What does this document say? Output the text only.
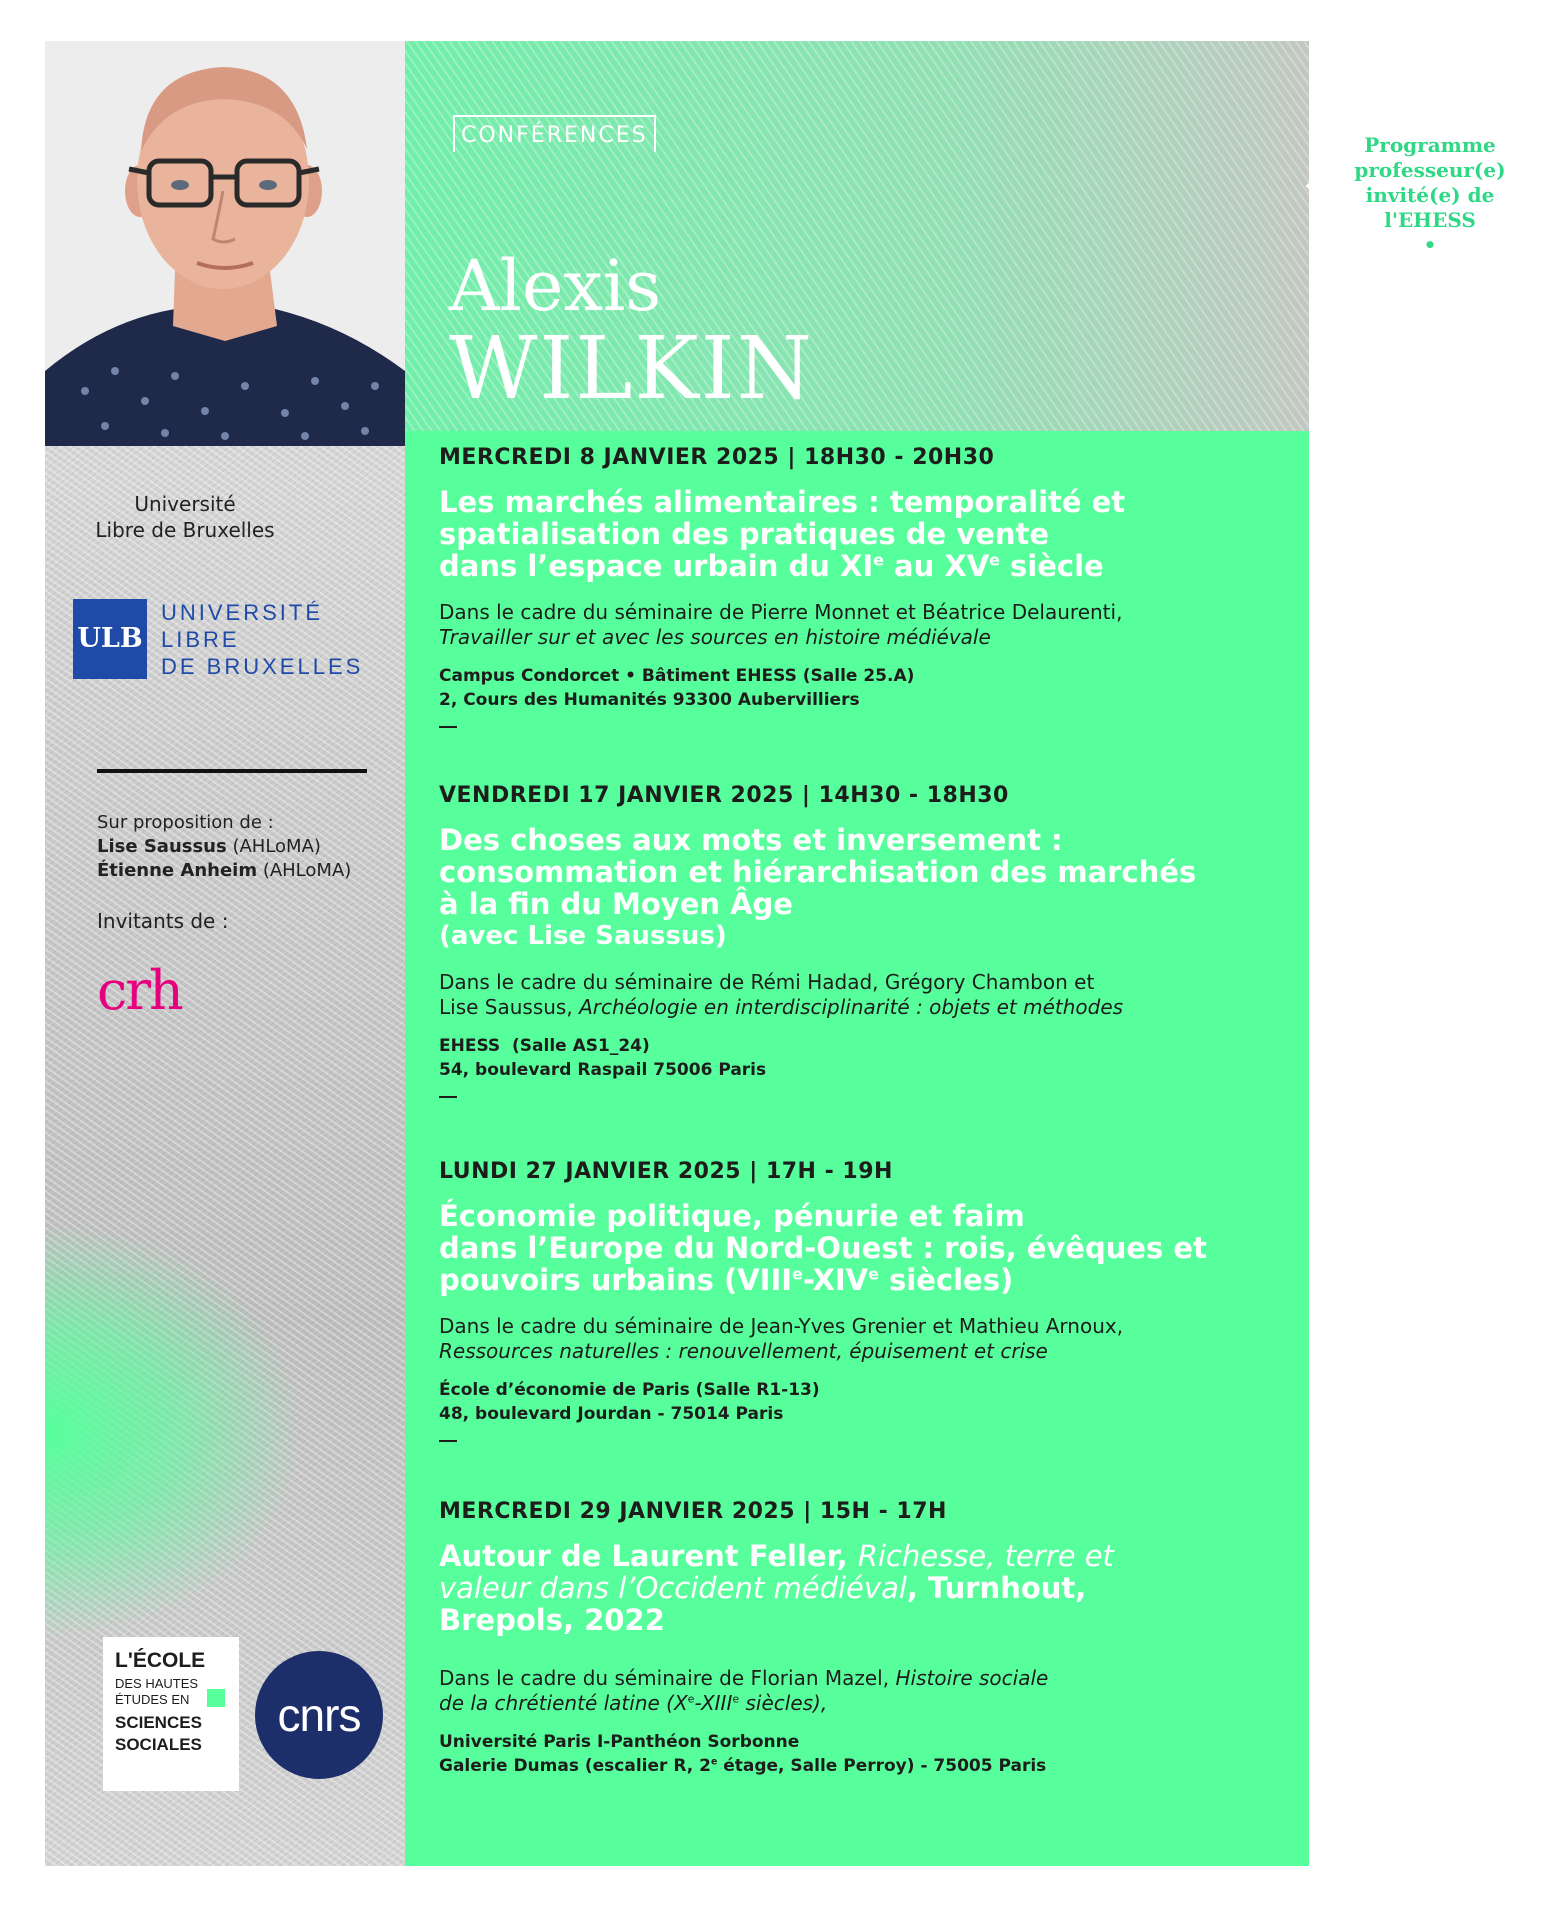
Université
Libre de Bruxelles
ULB
UNIVERSITÉ
LIBRE
DE BRUXELLES
Sur proposition de :
Lise Saussus (AHLoMA)
Étienne Anheim (AHLoMA)
Invitants de :
crh
L'ÉCOLE
DES HAUTES
ÉTUDES EN
SCIENCES
SOCIALES
cnrs
CONFÉRENCES
Alexis
WILKIN
Programme
professeur(e)
invité(e) de
l'EHESS
•
MERCREDI 8 JANVIER 2025 | 18H30 - 20H30
Les marchés alimentaires : temporalité et
spatialisation des pratiques de vente
dans l’espace urbain du XIe au XVe siècle
Dans le cadre du séminaire de Pierre Monnet et Béatrice Delaurenti,
Travailler sur et avec les sources en histoire médiévale
Campus Condorcet • Bâtiment EHESS (Salle 25.A)
2, Cours des Humanités 93300 Aubervilliers
VENDREDI 17 JANVIER 2025 | 14H30 - 18H30
Des choses aux mots et inversement :
consommation et hiérarchisation des marchés
à la fin du Moyen Âge
(avec Lise Saussus)
Dans le cadre du séminaire de Rémi Hadad, Grégory Chambon et
Lise Saussus, Archéologie en interdisciplinarité : objets et méthodes
EHESS  (Salle AS1_24)
54, boulevard Raspail 75006 Paris
LUNDI 27 JANVIER 2025 | 17H - 19H
Économie politique, pénurie et faim
dans l’Europe du Nord-Ouest : rois, évêques et
pouvoirs urbains (VIIIe-XIVe siècles)
Dans le cadre du séminaire de Jean-Yves Grenier et Mathieu Arnoux,
Ressources naturelles : renouvellement, épuisement et crise
École d’économie de Paris (Salle R1-13)
48, boulevard Jourdan - 75014 Paris
MERCREDI 29 JANVIER 2025 | 15H - 17H
Autour de Laurent Feller, Richesse, terre et
valeur dans l’Occident médiéval, Turnhout,
Brepols, 2022
Dans le cadre du séminaire de Florian Mazel, Histoire sociale
de la chrétienté latine (Xe-XIIIe siècles),
Université Paris I-Panthéon Sorbonne
Galerie Dumas (escalier R, 2e étage, Salle Perroy) - 75005 Paris
